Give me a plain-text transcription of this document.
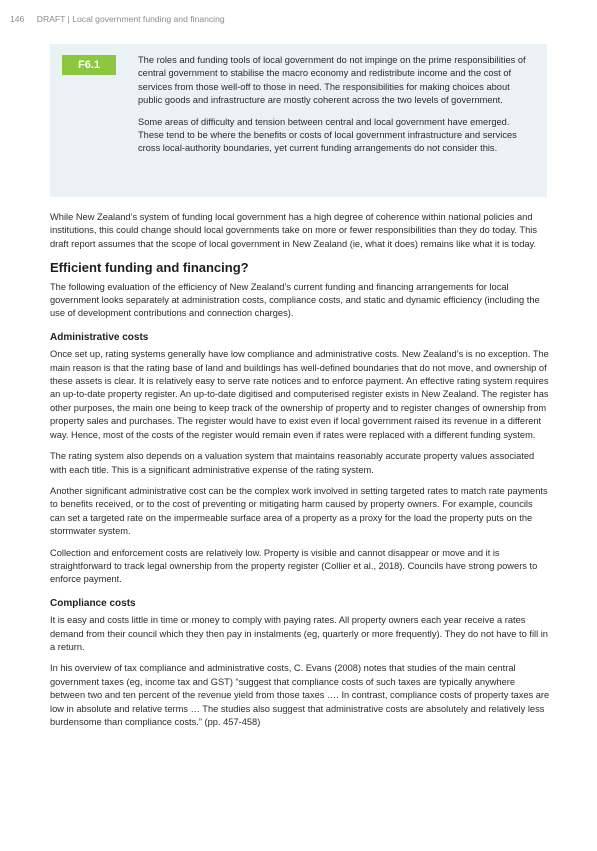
146 DRAFT | Local government funding and financing
F6.1	The roles and funding tools of local government do not impinge on the prime responsibilities of central government to stabilise the macro economy and redistribute income and the cost of services from those well-off to those in need. The responsibilities for making choices about public goods and infrastructure are mostly coherent across the two levels of government.

Some areas of difficulty and tension between central and local government have emerged. These tend to be where the benefits or costs of local government infrastructure and services cross local-authority boundaries, yet current funding arrangements do not consider this.

While New Zealand’s system of funding local government has a high degree of coherence within national policies and institutions, this could change should local governments take on more or fewer responsibilities than they do today. This draft report assumes that the scope of local government in New Zealand (ie, what it does) remains like what it is today.

Efficient funding and financing?

The following evaluation of the efficiency of New Zealand’s current funding and financing arrangements for local government looks separately at administration costs, compliance costs, and static and dynamic efficiency (including the use of development contributions and connection charges).

Administrative costs

Once set up, rating systems generally have low compliance and administrative costs. New Zealand’s is no exception. The main reason is that the rating base of land and buildings has well-defined boundaries that do not move, and ownership of these assets is clear. It is relatively easy to serve rate notices and to enforce payment. An effective rating system requires an up-to-date property register. An up-to-date digitised and computerised register exists in New Zealand. The register has other purposes, the main one being to keep track of the ownership of property and to register changes of ownership from property sales and purchases. The register would have to exist even if local government raised its revenue in a different way. Hence, most of the costs of the register would remain even if rates were replaced with a different funding system.

The rating system also depends on a valuation system that maintains reasonably accurate property values associated with each title. This is a significant administrative expense of the rating system.

Another significant administrative cost can be the complex work involved in setting targeted rates to match rate payments to benefits received, or to the cost of preventing or mitigating harm caused by property owners. For example, councils can set a targeted rate on the impermeable surface area of a property as a proxy for the load the property puts on the stormwater system.

Collection and enforcement costs are relatively low. Property is visible and cannot disappear or move and it is straightforward to track legal ownership from the property register (Collier et al., 2018). Councils have strong powers to enforce payment.

Compliance costs

It is easy and costs little in time or money to comply with paying rates. All property owners each year receive a rates demand from their council which they then pay in instalments (eg, quarterly or more frequently). They do not have to fill in a return.

In his overview of tax compliance and administrative costs, C. Evans (2008) notes that studies of the main central government taxes (eg, income tax and GST) “suggest that compliance costs of such taxes are typically anywhere between two and ten percent of the revenue yield from those taxes …. In contrast, compliance costs of property taxes are low in absolute and relative terms … The studies also suggest that administrative costs are absolutely and relatively less burdensome than compliance costs.” (pp. 457-458)
